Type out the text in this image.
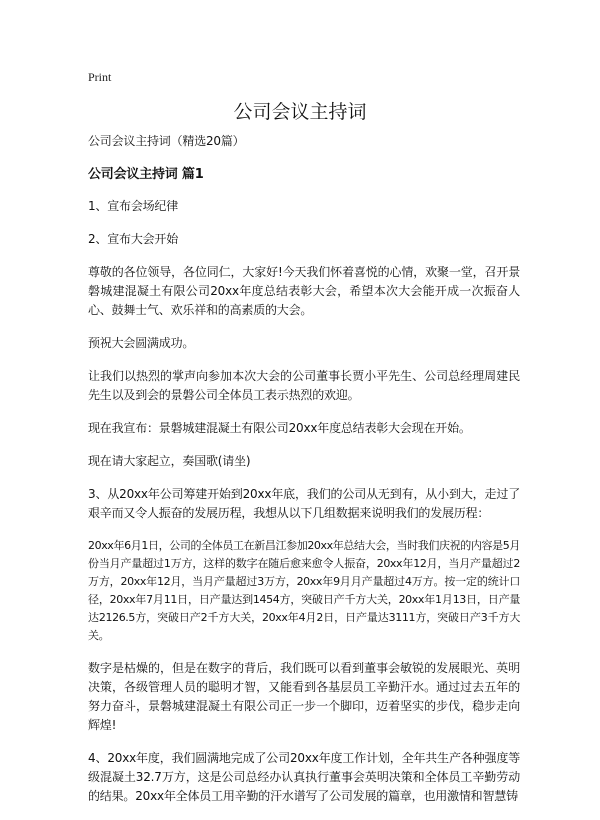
Print
公司会议主持词

公司会议主持词（精选20篇）

公司会议主持词 篇1

1、宣布会场纪律

2、宣布大会开始

尊敬的各位领导，各位同仁，大家好!今天我们怀着喜悦的心情，欢聚一堂，召开景磐城建混凝土有限公司20xx年度总结表彰大会，希望本次大会能开成一次振奋人心、鼓舞士气、欢乐祥和的高素质的大会。

预祝大会圆满成功。

让我们以热烈的掌声向参加本次大会的公司董事长贾小平先生、公司总经理周建民先生以及到会的景磐公司全体员工表示热烈的欢迎。

现在我宣布：景磐城建混凝土有限公司20xx年度总结表彰大会现在开始。

现在请大家起立，奏国歌(请坐)

3、从20xx年公司筹建开始到20xx年底，我们的公司从无到有，从小到大，走过了艰辛而又令人振奋的发展历程，我想从以下几组数据来说明我们的发展历程：

20xx年6月1日，公司的全体员工在新昌江参加20xx年总结大会，当时我们庆祝的内容是5月份当月产量超过1万方，这样的数字在随后愈来愈令人振奋，20xx年12月，当月产量超过2万方，20xx年12月，当月产量超过3万方，20xx年9月月产量超过4万方。按一定的统计口径，20xx年7月11日，日产量达到1454方，突破日产千方大关，20xx年1月13日，日产量达2126.5方，突破日产2千方大关，20xx年4月2日，日产量达3111方，突破日产3千方大关。

数字是枯燥的，但是在数字的背后，我们既可以看到董事会敏锐的发展眼光、英明决策，各级管理人员的聪明才智，又能看到各基层员工辛勤汗水。通过过去五年的努力奋斗，景磐城建混凝土有限公司正一步一个脚印，迈着坚实的步伐，稳步走向辉煌!

4、20xx年度，我们圆满地完成了公司20xx年度工作计划，全年共生产各种强度等级混凝土32.7万方，这是公司总经办认真执行董事会英明决策和全体员工辛勤劳动的结果。20xx年全体员工用辛勤的汗水谱写了公司发展的篇章，也用激情和智慧铸
